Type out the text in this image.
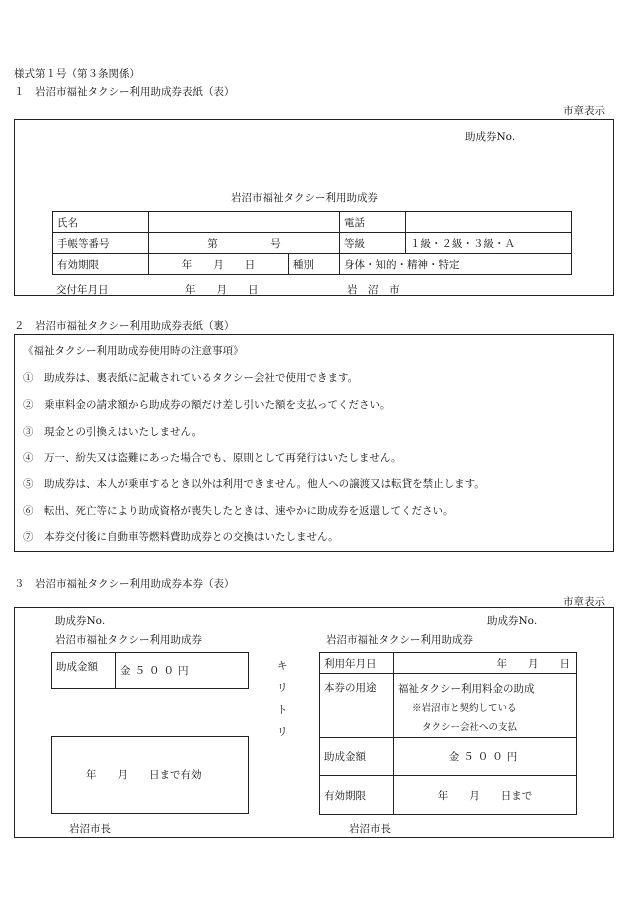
様式第１号（第３条関係）
１　岩沼市福祉タクシー利用助成券表紙（表）
市章表示
助成券No.
岩沼市福祉タクシー利用助成券
氏名			電話	
手帳等番号	第　　　　　号		等級	１級・２級・３級・Ａ
有効期限	年　　月　　日	種別	身体・知的・精神・特定	
交付年月日	年　　月　　日	岩　沼　市
２　岩沼市福祉タクシー利用助成券表紙（裏）
《福祉タクシー利用助成券使用時の注意事項》
①　助成券は、裏表紙に記載されているタクシー会社で使用できます。
②　乗車料金の請求額から助成券の額だけ差し引いた額を支払ってください。
③　現金との引換えはいたしません。
④　万一、紛失又は盗難にあった場合でも、原則として再発行はいたしません。
⑤　助成券は、本人が乗車するとき以外は利用できません。他人への譲渡又は転貸を禁止します。
⑥　転出、死亡等により助成資格が喪失したときは、速やかに助成券を返還してください。
⑦　本券交付後に自動車等燃料費助成券との交換はいたしません。
３　岩沼市福祉タクシー利用助成券本券（表）
市章表示
助成券No.
岩沼市福祉タクシー利用助成券
助成金額	金５００円
年　　月　　日まで有効
岩沼市長
キ
リ
ト
リ
助成券No.
岩沼市福祉タクシー利用助成券
利用年月日	年　　月　　日
本券の用途	福祉タクシー利用料金の助成
※岩沼市と契約している
タクシー会社への支払

助成金額	金５００円
有効期限	年　　月　　日まで
岩沼市長
